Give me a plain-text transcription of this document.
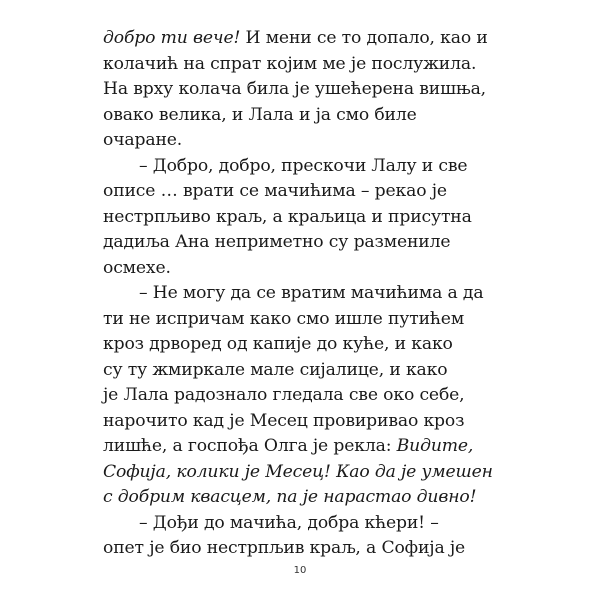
добро ти вече! И мени се то допало, као и
колачић на спрат којим ме је послужила.
На врху колача била је ушећерена вишња,
овако велика, и Лала и ја смо биле
очаране.
– Добро, добро, прескочи Лалу и све
описе … врати се мачићима – рекао је
нестрпљиво краљ, а краљица и присутна
дадиља Ана неприметно су размениле
осмехе.
– Не могу да се вратим мачићима а да
ти не испричам како смо ишле путићем
кроз дрворед од капије до куће, и како
су ту жмиркале мале сијалице, и како
је Лала радознало гледала све око себе,
нарочито кад је Месец провиривао кроз
лишће, а госпођа Олга је рекла: Видите,
Софија, колики је Месец! Као да је умешен
с добрим квасцем, па је нарастао дивно!
– Дођи до мачића, добра кћери! –
опет је био нестрпљив краљ, а Софија је
10
